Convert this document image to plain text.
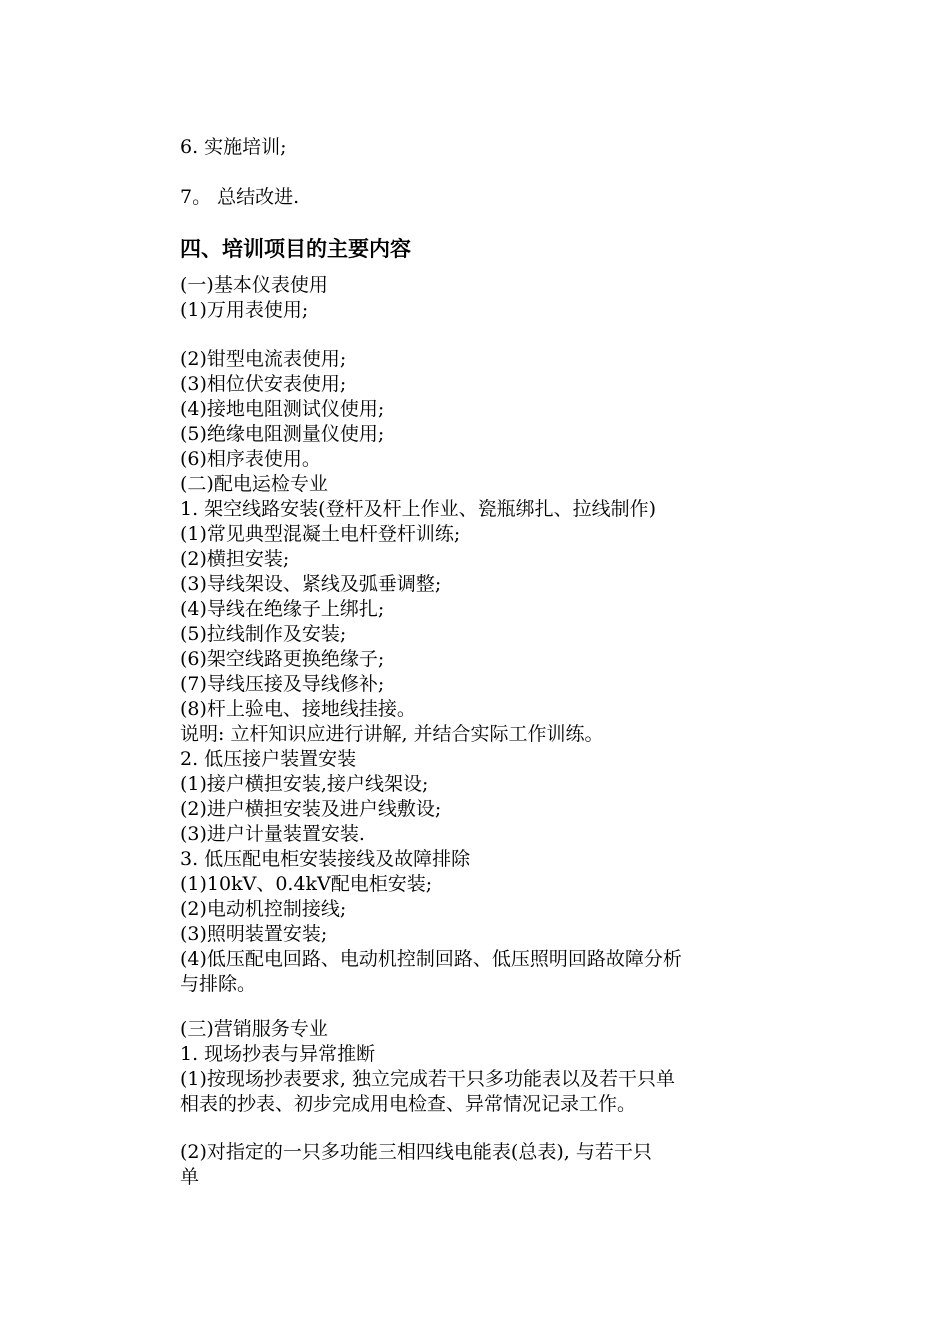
6. 实施培训;
7。 总结改进.
四、培训项目的主要内容
(一)基本仪表使用
(1)万用表使用;
(2)钳型电流表使用;
(3)相位伏安表使用;
(4)接地电阻测试仪使用;
(5)绝缘电阻测量仪使用;
(6)相序表使用。
(二)配电运检专业
1. 架空线路安装(登杆及杆上作业、瓷瓶绑扎、拉线制作)
(1)常见典型混凝土电杆登杆训练;
(2)横担安装;
(3)导线架设、紧线及弧垂调整;
(4)导线在绝缘子上绑扎;
(5)拉线制作及安装;
(6)架空线路更换绝缘子;
(7)导线压接及导线修补;
(8)杆上验电、接地线挂接。
说明: 立杆知识应进行讲解, 并结合实际工作训练。
2. 低压接户装置安装
(1)接户横担安装,接户线架设;
(2)进户横担安装及进户线敷设;
(3)进户计量装置安装.
3. 低压配电柜安装接线及故障排除
(1)10kV、0.4kV配电柜安装;
(2)电动机控制接线;
(3)照明装置安装;
(4)低压配电回路、电动机控制回路、低压照明回路故障分析
与排除。
(三)营销服务专业
1. 现场抄表与异常推断
(1)按现场抄表要求, 独立完成若干只多功能表以及若干只单
相表的抄表、初步完成用电检查、异常情况记录工作。
(2)对指定的一只多功能三相四线电能表(总表), 与若干只
单
